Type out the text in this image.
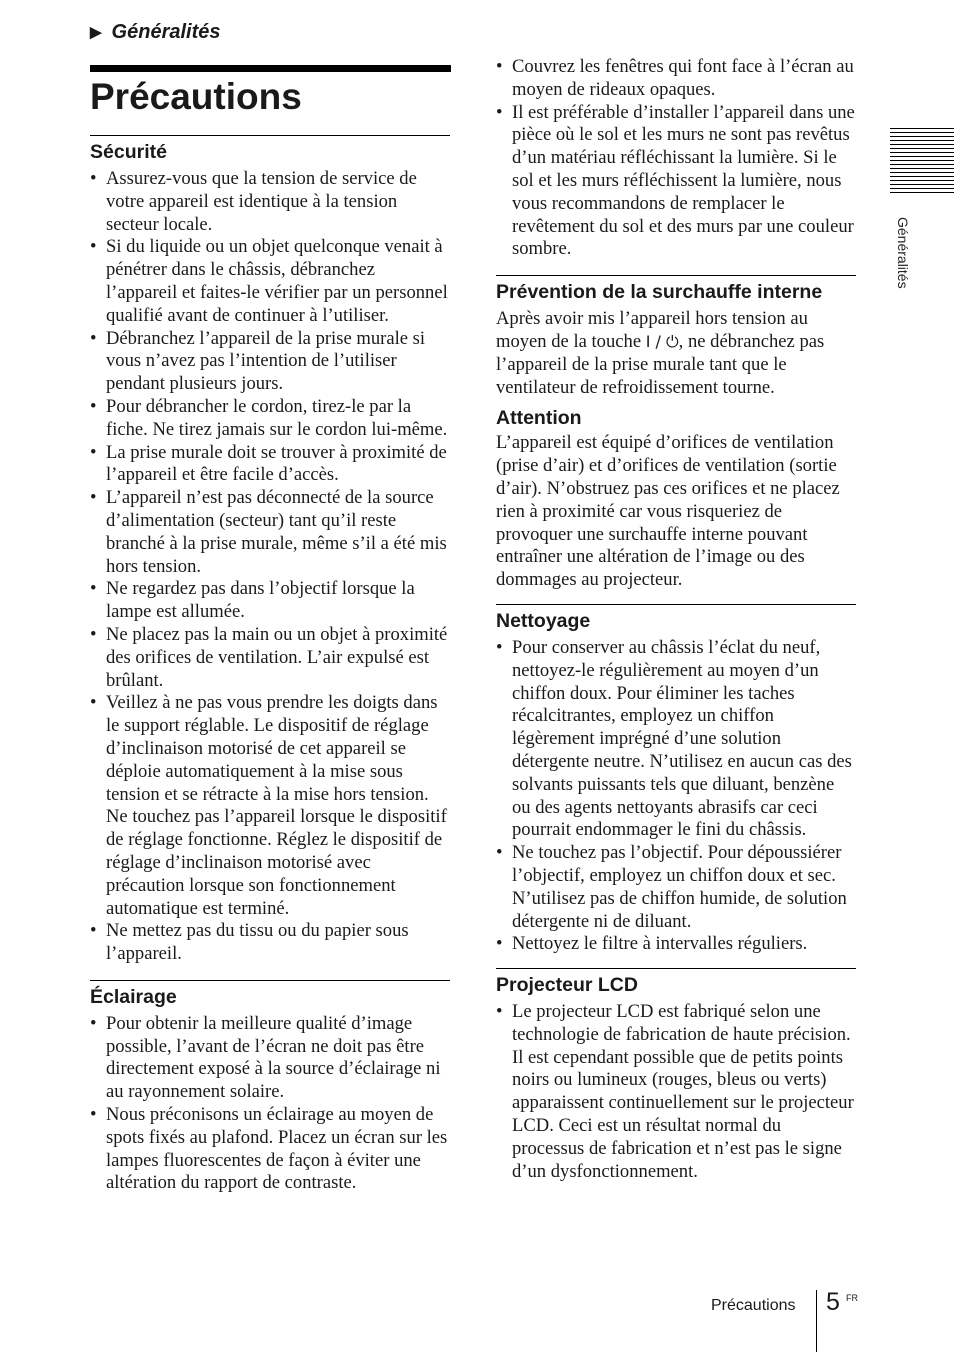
▶ Généralités
Précautions
Sécurité
• Assurez-vous que la tension de service de votre appareil est identique à la tension secteur locale.
• Si du liquide ou un objet quelconque venait à pénétrer dans le châssis, débranchez l’appareil et faites-le vérifier par un personnel qualifié avant de continuer à l’utiliser.
• Débranchez l’appareil de la prise murale si vous n’avez pas l’intention de l’utiliser pendant plusieurs jours.
• Pour débrancher le cordon, tirez-le par la fiche. Ne tirez jamais sur le cordon lui-même.
• La prise murale doit se trouver à proximité de l’appareil et être facile d’accès.
• L’appareil n’est pas déconnecté de la source d’alimentation (secteur) tant qu’il reste branché à la prise murale, même s’il a été mis hors tension.
• Ne regardez pas dans l’objectif lorsque la lampe est allumée.
• Ne placez pas la main ou un objet à proximité des orifices de ventilation. L’air expulsé est brûlant.
• Veillez à ne pas vous prendre les doigts dans le support réglable. Le dispositif de réglage d’inclinaison motorisé de cet appareil se déploie automatiquement à la mise sous tension et se rétracte à la mise hors tension. Ne touchez pas l’appareil lorsque le dispositif de réglage fonctionne. Réglez le dispositif de réglage d’inclinaison motorisé avec précaution lorsque son fonctionnement automatique est terminé.
• Ne mettez pas du tissu ou du papier sous l’appareil.
Éclairage
• Pour obtenir la meilleure qualité d’image possible, l’avant de l’écran ne doit pas être directement exposé à la source d’éclairage ni au rayonnement solaire.
• Nous préconisons un éclairage au moyen de spots fixés au plafond. Placez un écran sur les lampes fluorescentes de façon à éviter une altération du rapport de contraste.
• Couvrez les fenêtres qui font face à l’écran au moyen de rideaux opaques.
• Il est préférable d’installer l’appareil dans une pièce où le sol et les murs ne sont pas revêtus d’un matériau réfléchissant la lumière. Si le sol et les murs réfléchissent la lumière, nous vous recommandons de remplacer le revêtement du sol et des murs par une couleur sombre.
Prévention de la surchauffe interne

Après avoir mis l’appareil hors tension au moyen de la touche I / ⏻, ne débranchez pas l’appareil de la prise murale tant que le ventilateur de refroidissement tourne.

Attention

L’appareil est équipé d’orifices de ventilation (prise d’air) et d’orifices de ventilation (sortie d’air). N’obstruez pas ces orifices et ne placez rien à proximité car vous risqueriez de provoquer une surchauffe interne pouvant entraîner une altération de l’image ou des dommages au projecteur.

Nettoyage
• Pour conserver au châssis l’éclat du neuf, nettoyez-le régulièrement au moyen d’un chiffon doux. Pour éliminer les taches récalcitrantes, employez un chiffon légèrement imprégné d’une solution détergente neutre. N’utilisez en aucun cas des solvants puissants tels que diluant, benzène ou des agents nettoyants abrasifs car ceci pourrait endommager le fini du châssis.
• Ne touchez pas l’objectif. Pour dépoussiérer l’objectif, employez un chiffon doux et sec. N’utilisez pas de chiffon humide, de solution détergente ni de diluant.
• Nettoyez le filtre à intervalles réguliers.
Projecteur LCD
• Le projecteur LCD est fabriqué selon une technologie de fabrication de haute précision. Il est cependant possible que de petits points noirs ou lumineux (rouges, bleus ou verts) apparaissent continuellement sur le projecteur LCD. Ceci est un résultat normal du processus de fabrication et n’est pas le signe d’un dysfonctionnement.
Généralités
Précautions 5 FR
